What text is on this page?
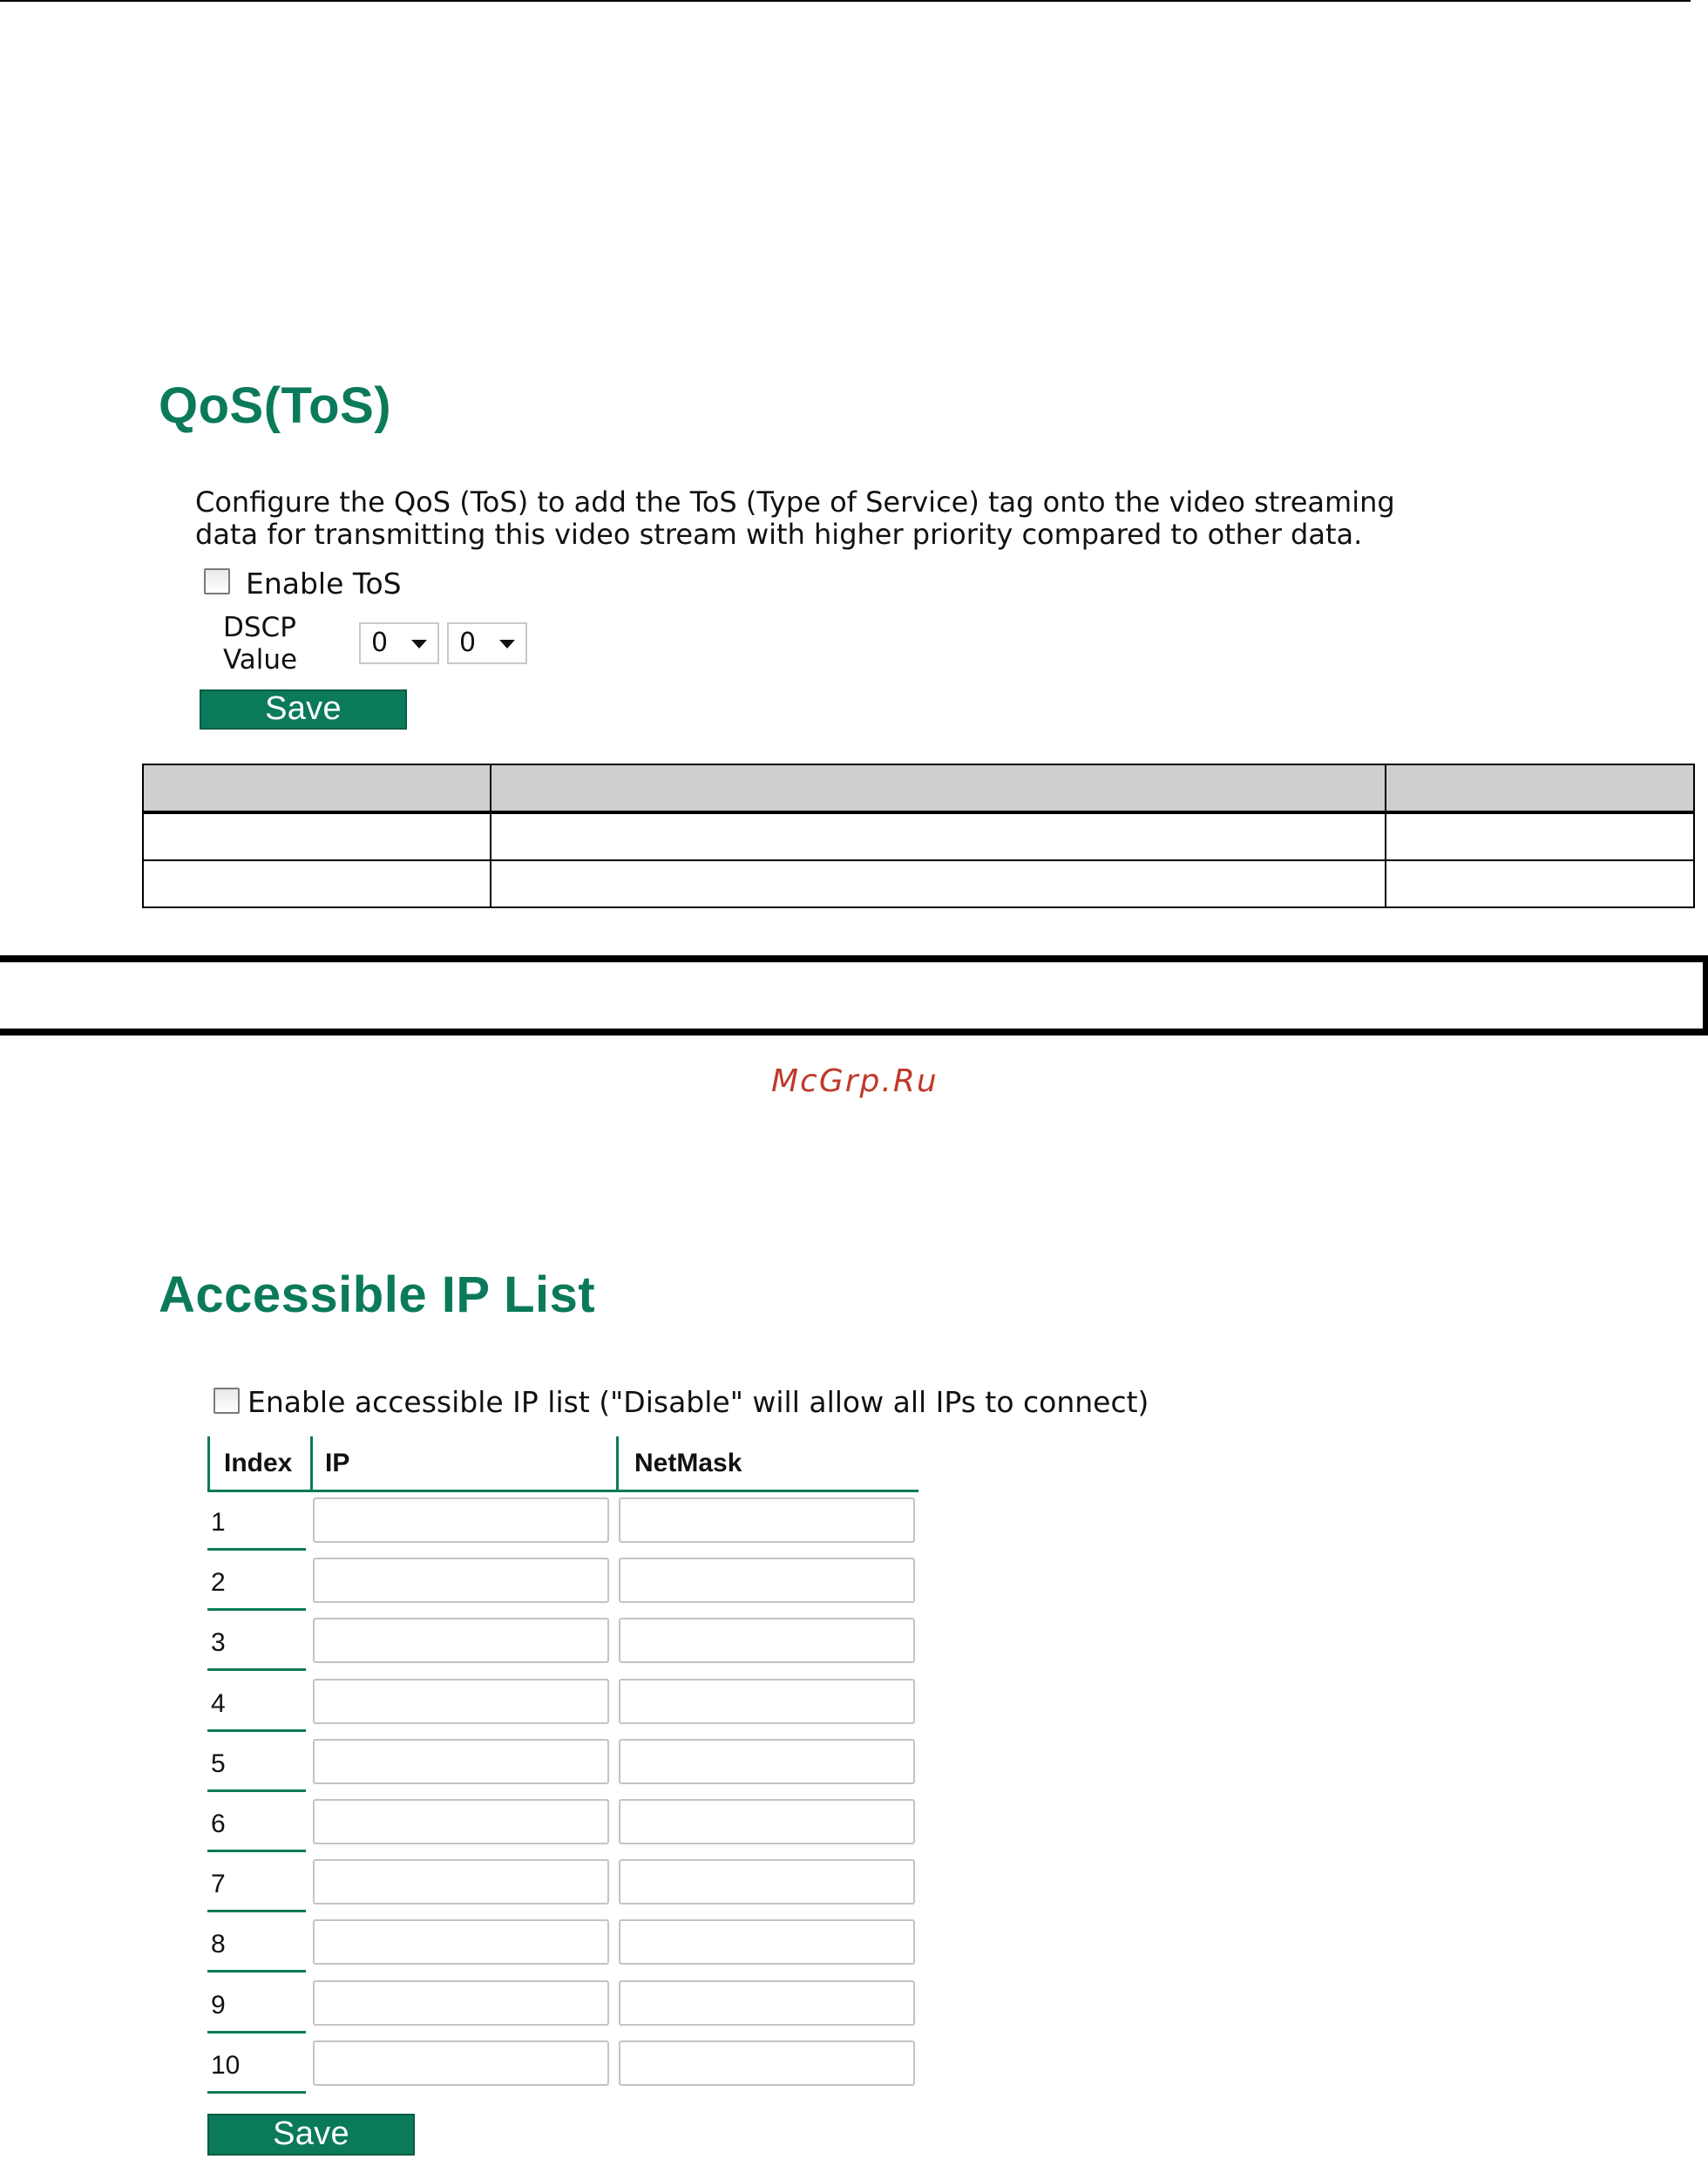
QoS(ToS)
Configure the QoS (ToS) to add the ToS (Type of Service) tag onto the video streaming
data for transmitting this video stream with higher priority compared to other data.
Enable ToS
DSCP
Value
0	0
Save
McGrp.Ru
Accessible IP List
Enable accessible IP list ("Disable" will allow all IPs to connect)
Index IP	NetMask
1
2
3
4
5
6
7
8
9
10
Save
